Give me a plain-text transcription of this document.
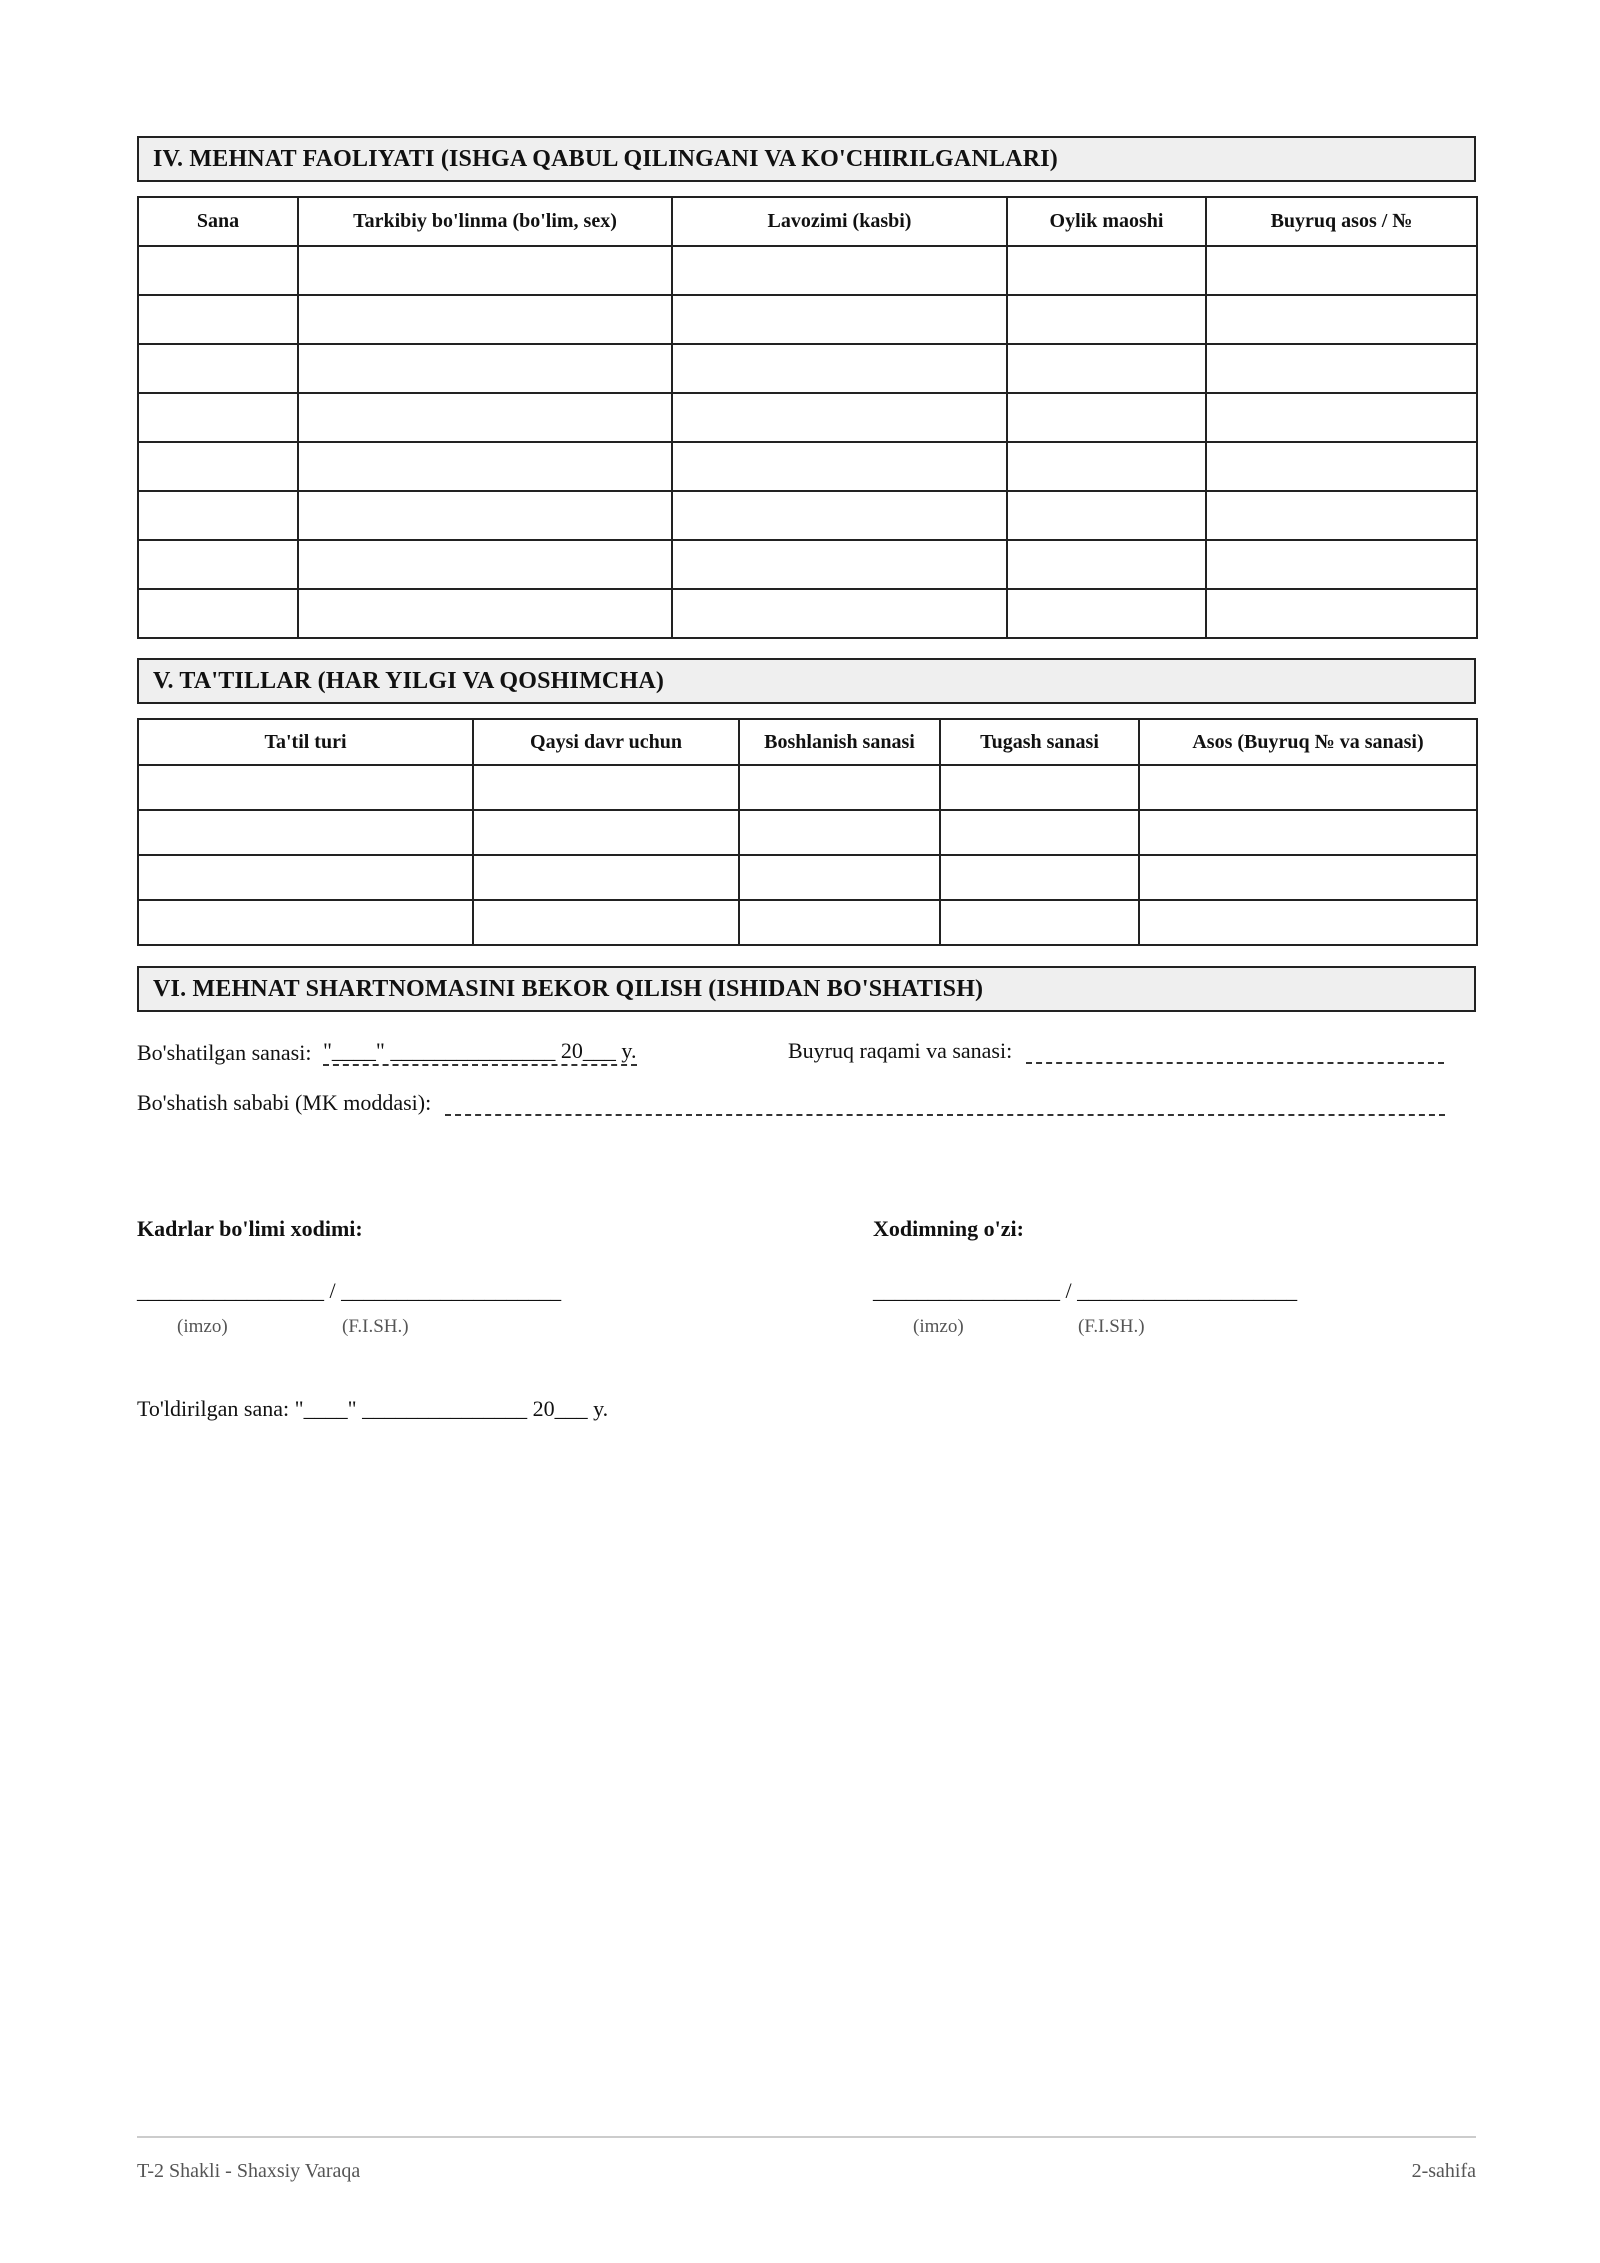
IV. MEHNAT FAOLIYATI (ISHGA QABUL QILINGANI VA KO'CHIRILGANLARI)
Sana	Tarkibiy bo'linma (bo'lim, sex)	Lavozimi (kasbi)	Oylik maoshi	Buyruq asos / №

V. TA'TILLAR (HAR YILGI VA QOSHIMCHA)
Ta'til turi	Qaysi davr uchun	Boshlanish sanasi	Tugash sanasi	Asos (Buyruq № va sanasi)

VI. MEHNAT SHARTNOMASINI BEKOR QILISH (ISHIDAN BO'SHATISH)
Bo'shatilgan sanasi: "____" _______________ 20___ y.	Buyruq raqami va sanasi:
Bo'shatish sababi (MK moddasi):
Kadrlar bo'limi xodimi:	Xodimning o'zi:
_________________ / ____________________	_________________ / ____________________
(imzo)	(F.I.SH.)	(imzo)	(F.I.SH.)
To'ldirilgan sana: "____" _______________ 20___ y.
T-2 Shakli - Shaxsiy Varaqa	2-sahifa
